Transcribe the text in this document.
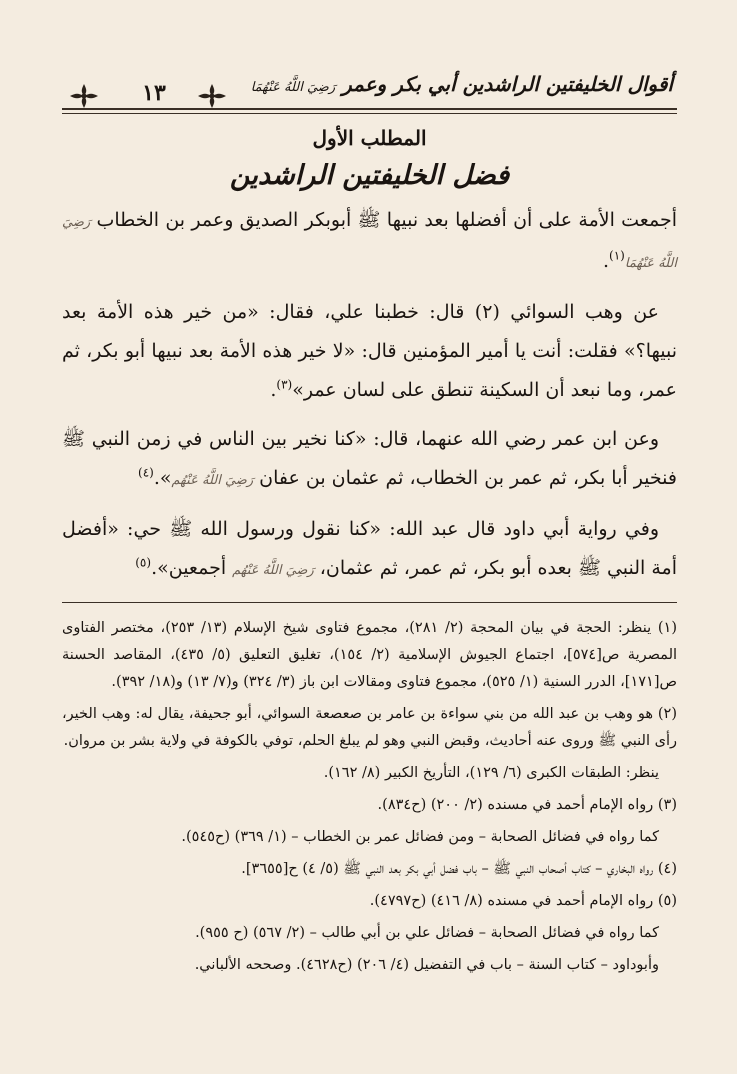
١٣	أقوال الخليفتين الراشدين أبي بكر وعمر رَضِيَ اللَّهُ عَنْهُمَا
المطلب الأول
فضل الخليفتين الراشدين

أجمعت الأمة على أن أفضلها بعد نبيها ﷺ أبوبكر الصديق وعمر بن الخطاب رَضِيَ اللَّهُ عَنْهُمَا$^{(١)}$.

عن وهب السوائي (٢) قال: خطبنا علي، فقال: «من خير هذه الأمة بعد نبيها؟» فقلت: أنت يا أمير المؤمنين قال: «لا خير هذه الأمة بعد نبيها أبو بكر، ثم عمر، وما نبعد أن السكينة تنطق على لسان عمر»$^{(٣)}$.

وعن ابن عمر رضي الله عنهما، قال: «كنا نخير بين الناس في زمن النبي ﷺ فنخير أبا بكر، ثم عمر بن الخطاب، ثم عثمان بن عفان رَضِيَ اللَّهُ عَنْهُم».$^{(٤)}$

وفي رواية أبي داود قال عبد الله: «كنا نقول ورسول الله ﷺ حي: «أفضل أمة النبي ﷺ بعده أبو بكر، ثم عمر، ثم عثمان، رَضِيَ اللَّهُ عَنْهُم أجمعين».$^{(٥)}$

(١) ينظر: الحجة في بيان المحجة (٢/ ٢٨١)، مجموع فتاوى شيخ الإسلام (١٣/ ٢٥٣)، مختصر الفتاوى المصرية ص[٥٧٤]، اجتماع الجيوش الإسلامية (٢/ ١٥٤)، تغليق التعليق (٥/ ٤٣٥)، المقاصد الحسنة ص[١٧١]، الدرر السنية (١/ ٥٢٥)، مجموع فتاوى ومقالات ابن باز (٣/ ٣٢٤) و(٧/ ١٣) و(١٨/ ٣٩٢).

(٢) هو وهب بن عبد الله من بني سواءة بن عامر بن صعصعة السوائي، أبو جحيفة، يقال له: وهب الخير، رأى النبي ﷺ وروى عنه أحاديث، وقبض النبي وهو لم يبلغ الحلم، توفي بالكوفة في ولاية بشر بن مروان.

ينظر: الطبقات الكبرى (٦/ ١٢٩)، التأريخ الكبير (٨/ ١٦٢).

(٣) رواه الإمام أحمد في مسنده (٢/ ٢٠٠) (ح٨٣٤).

كما رواه في فضائل الصحابة – ومن فضائل عمر بن الخطاب – (١/ ٣٦٩) (ح٥٤٥).

(٤) رواه البخاري – كتاب أصحاب النبي ﷺ – باب فضل أبي بكر بعد النبي ﷺ (٥/ ٤) ح[٣٦٥٥].

(٥) رواه الإمام أحمد في مسنده (٨/ ٤١٦) (ح٤٧٩٧).

كما رواه في فضائل الصحابة – فضائل علي بن أبي طالب – (٢/ ٥٦٧) (ح ٩٥٥).

وأبوداود – كتاب السنة – باب في التفضيل (٤/ ٢٠٦) (ح٤٦٢٨). وصححه الألباني.
